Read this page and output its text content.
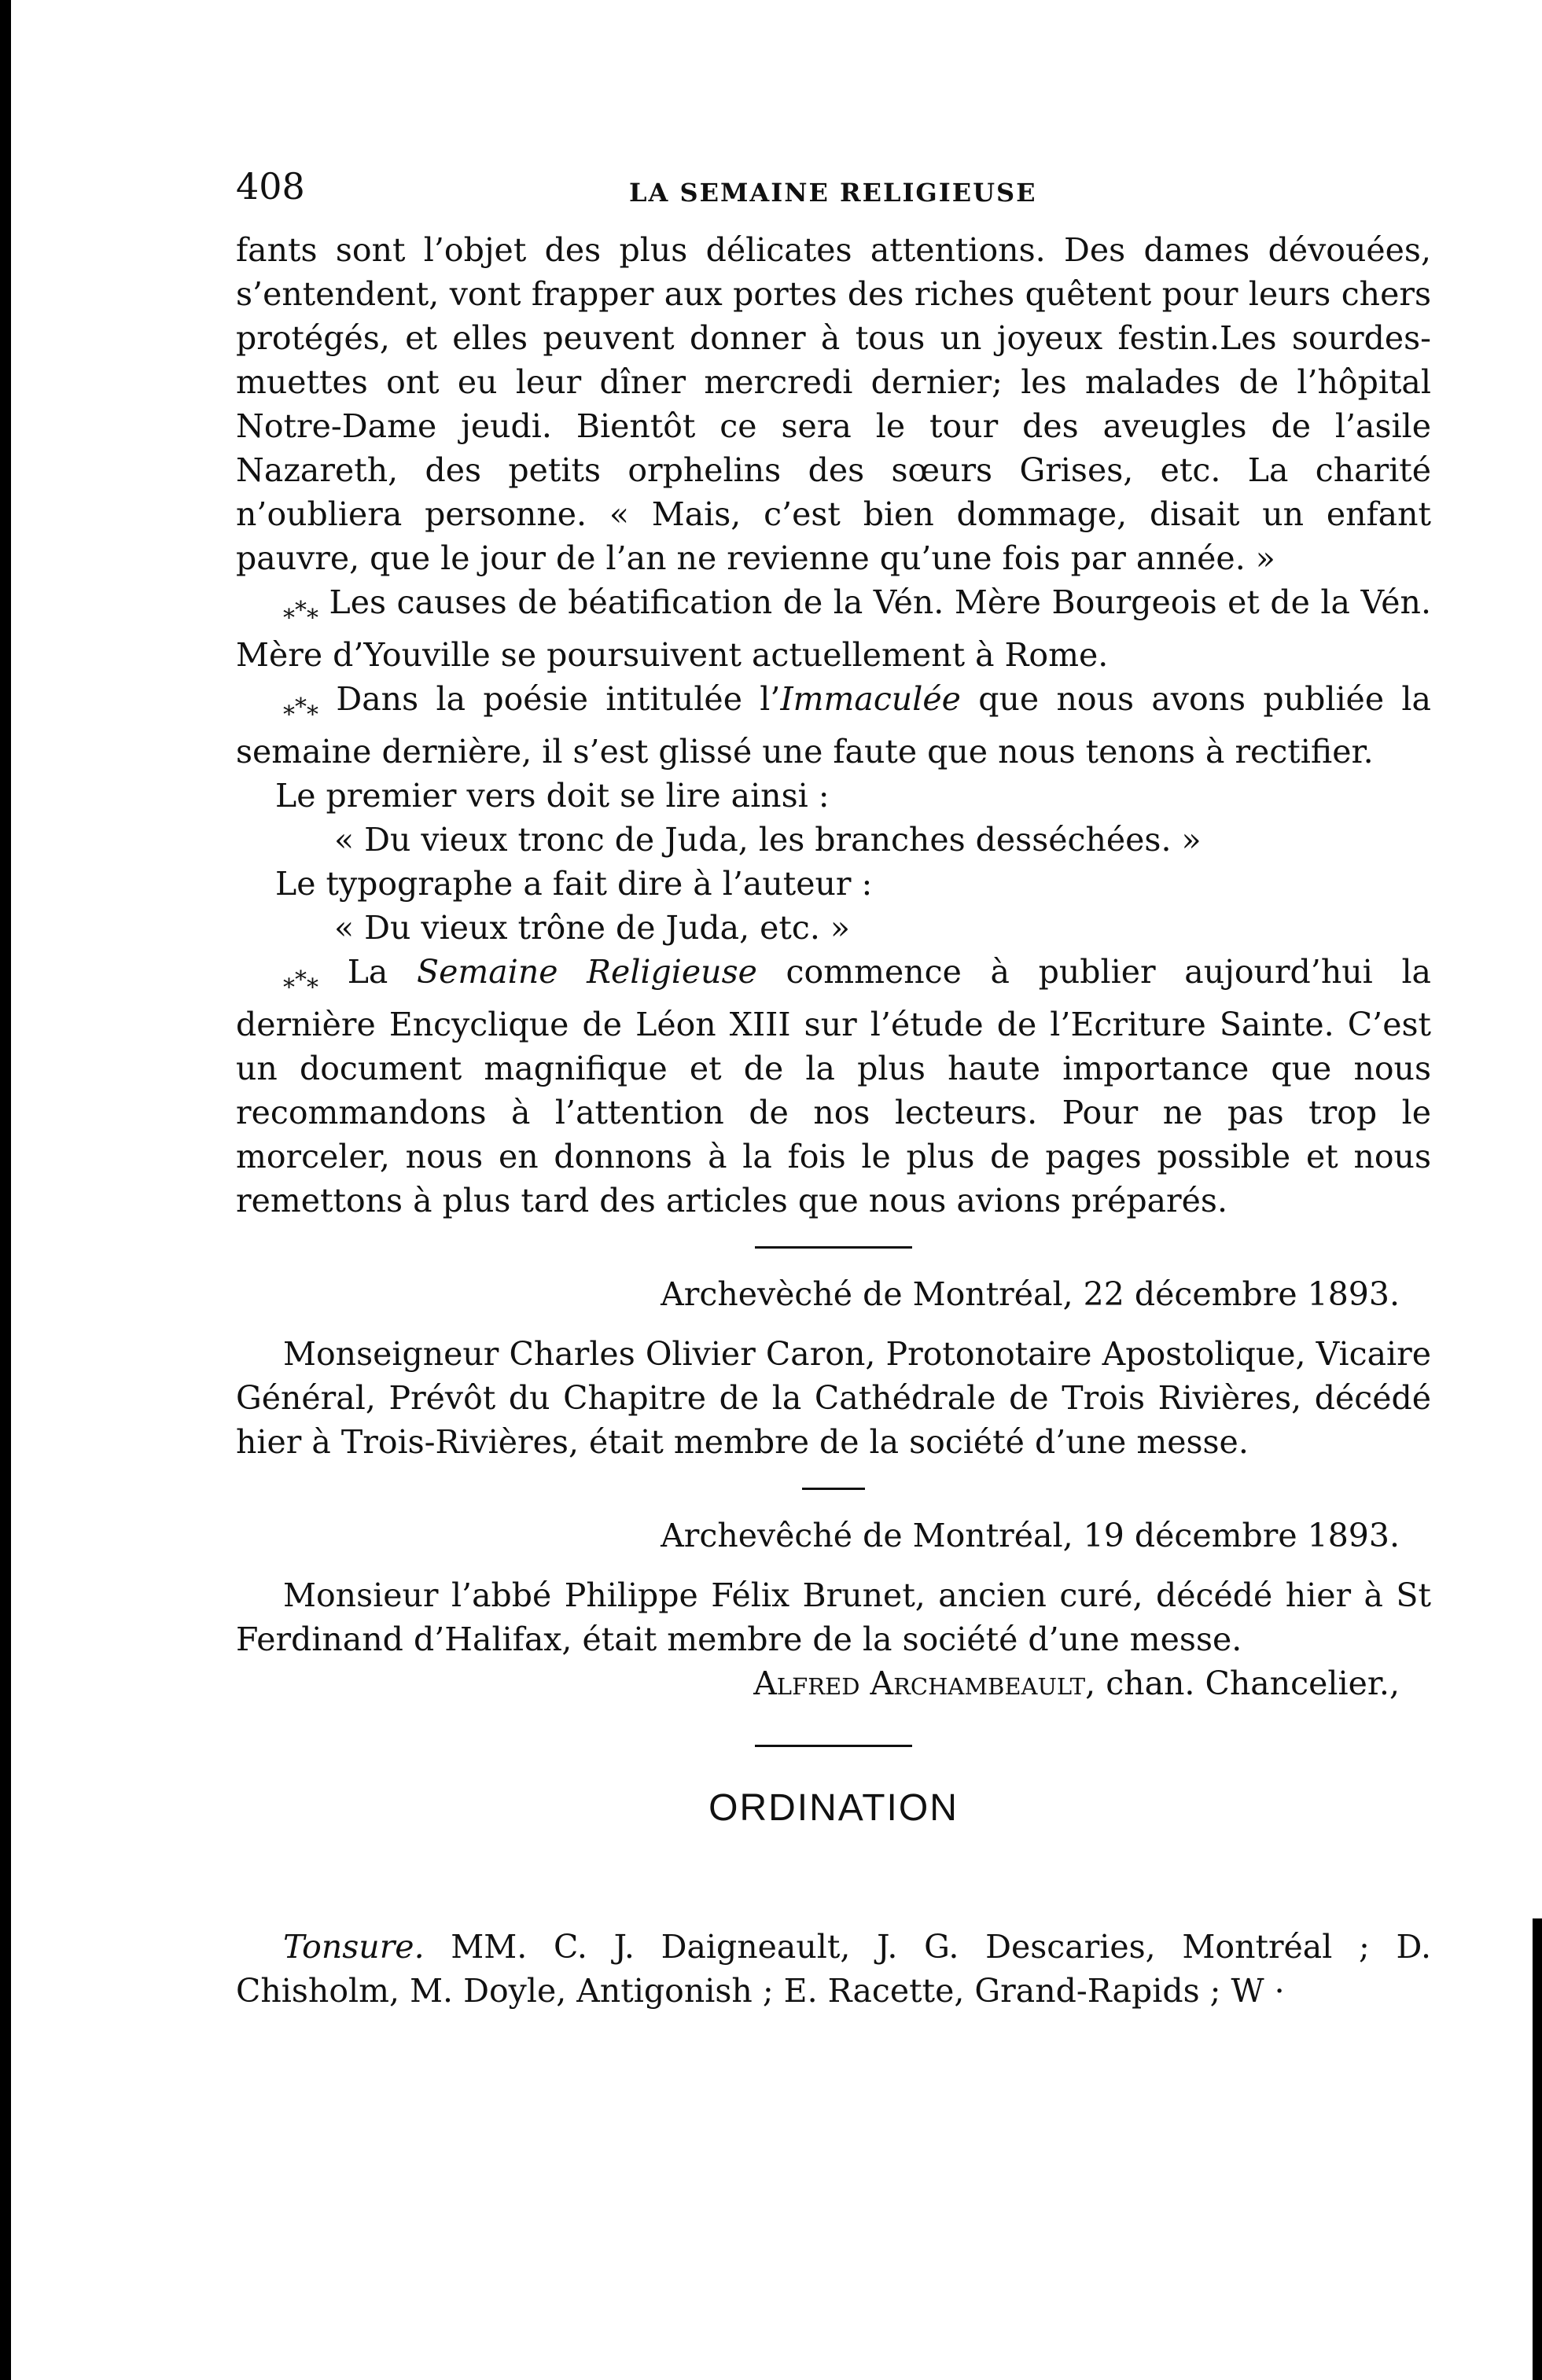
408	LA SEMAINE RELIGIEUSE

fants sont l’objet des plus délicates attentions. Des dames dévouées, s’entendent, vont frapper aux portes des riches quêtent pour leurs chers protégés, et elles peuvent donner à tous un joyeux festin.Les sourdes-muettes ont eu leur dîner mercredi dernier; les malades de l’hôpital Notre-Dame jeudi. Bientôt ce sera le tour des aveugles de l’asile Nazareth, des petits orphelins des sœurs Grises, etc. La charité n’oubliera personne. « Mais, c’est bien dommage, disait un enfant pauvre, que le jour de l’an ne revienne qu’une fois par année. »

⁎*⁎ Les causes de béatification de la Vén. Mère Bourgeois et de la Vén. Mère d’Youville se poursuivent actuellement à Rome.

⁎*⁎ Dans la poésie intitulée l’Immaculée que nous avons publiée la semaine dernière, il s’est glissé une faute que nous tenons à rectifier.

Le premier vers doit se lire ainsi :

« Du vieux tronc de Juda, les branches desséchées. »

Le typographe a fait dire à l’auteur :

« Du vieux trône de Juda, etc. »

⁎*⁎ La Semaine Religieuse commence à publier aujourd’hui la dernière Encyclique de Léon XIII sur l’étude de l’Ecriture Sainte. C’est un document magnifique et de la plus haute importance que nous recommandons à l’attention de nos lecteurs. Pour ne pas trop le morceler, nous en donnons à la fois le plus de pages possible et nous remettons à plus tard des articles que nous avions préparés.

Archevèché de Montréal, 22 décembre 1893.

Monseigneur Charles Olivier Caron, Protonotaire Apostolique, Vicaire Général, Prévôt du Chapitre de la Cathédrale de Trois Rivières, décédé hier à Trois-Rivières, était membre de la société d’une messe.

Archevêché de Montréal, 19 décembre 1893.

Monsieur l’abbé Philippe Félix Brunet, ancien curé, décédé hier à St Ferdinand d’Halifax, était membre de la société d’une messe.

Alfred Archambeault, chan. Chancelier.,

ORDINATION

Tonsure. MM. C. J. Daigneault, J. G. Descaries, Montréal ; D. Chisholm, M. Doyle, Antigonish ; E. Racette, Grand-Rapids ; W ·
